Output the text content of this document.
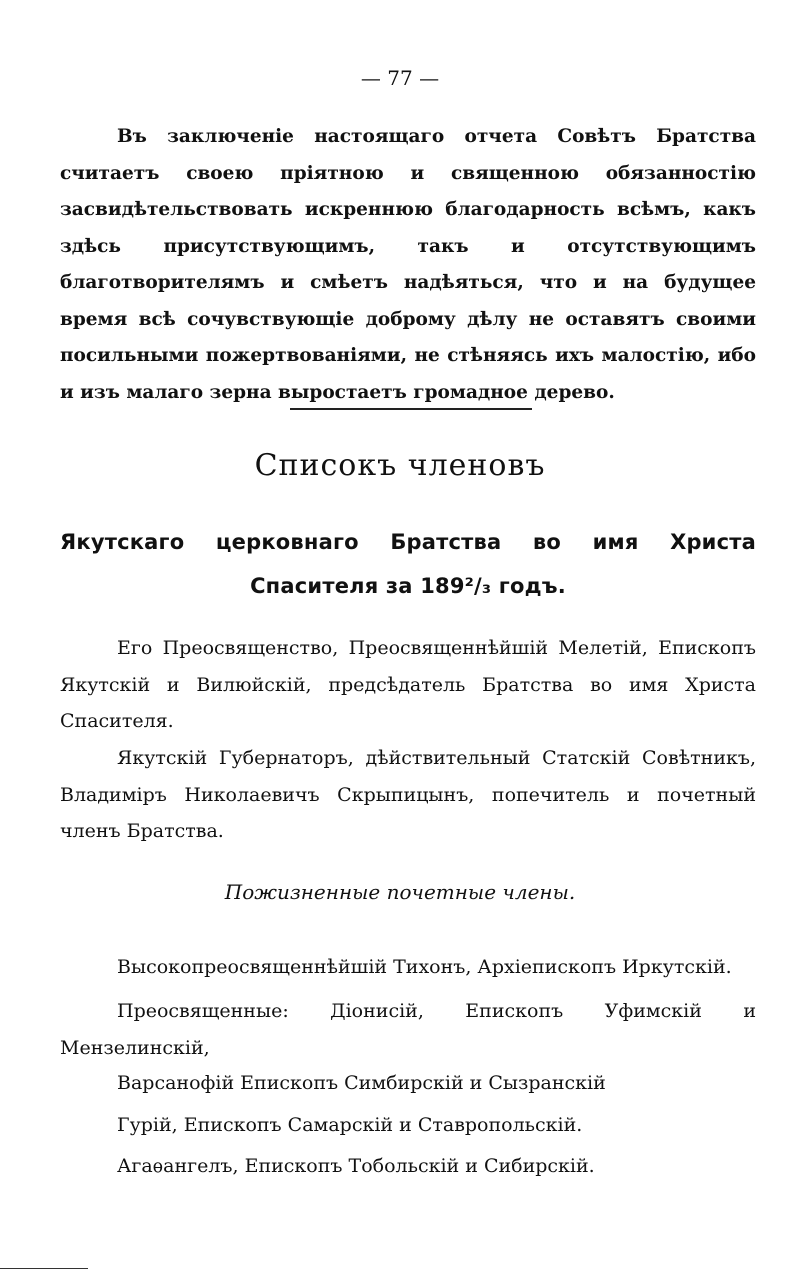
— 77 —

Въ заключеніе настоящаго отчета Совѣтъ Братства считаетъ своею пріятною и священною обязанностію засвидѣтельствовать искреннюю благодарность всѣмъ, какъ здѣсь присутствующимъ, такъ и отсутствующимъ благотворителямъ и смѣетъ надѣяться, что и на будущее время всѣ сочувствующіе доброму дѣлу не оставятъ своими посильными пожертвованіями, не стѣняясь ихъ малостію, ибо и изъ малаго зерна выростаетъ громадное дерево.

Списокъ членовъ

Якутскаго церковнаго Братства во имя Христа Спасителя за 189²/₃ годъ.

Его Преосвященство, Преосвященнѣйшій Мелетій, Епископъ Якутскій и Вилюйскій, предсѣдатель Братства во имя Христа Спасителя.

Якутскій Губернаторъ, дѣйствительный Статскій Совѣтникъ, Владиміръ Николаевичъ Скрыпицынъ, попечитель и почетный членъ Братства.

Пожизненные почетные члены.

Высокопреосвященнѣйшій Тихонъ, Архіепископъ Иркутскій.

Преосвященные: Діонисій, Епископъ Уфимскій и Мензелинскій,

Варсанофій Епископъ Симбирскій и Сызранскій

Гурій, Епископъ Самарскій и Ставропольскій.

Агаѳангелъ, Епископъ Тобольскій и Сибирскій.
